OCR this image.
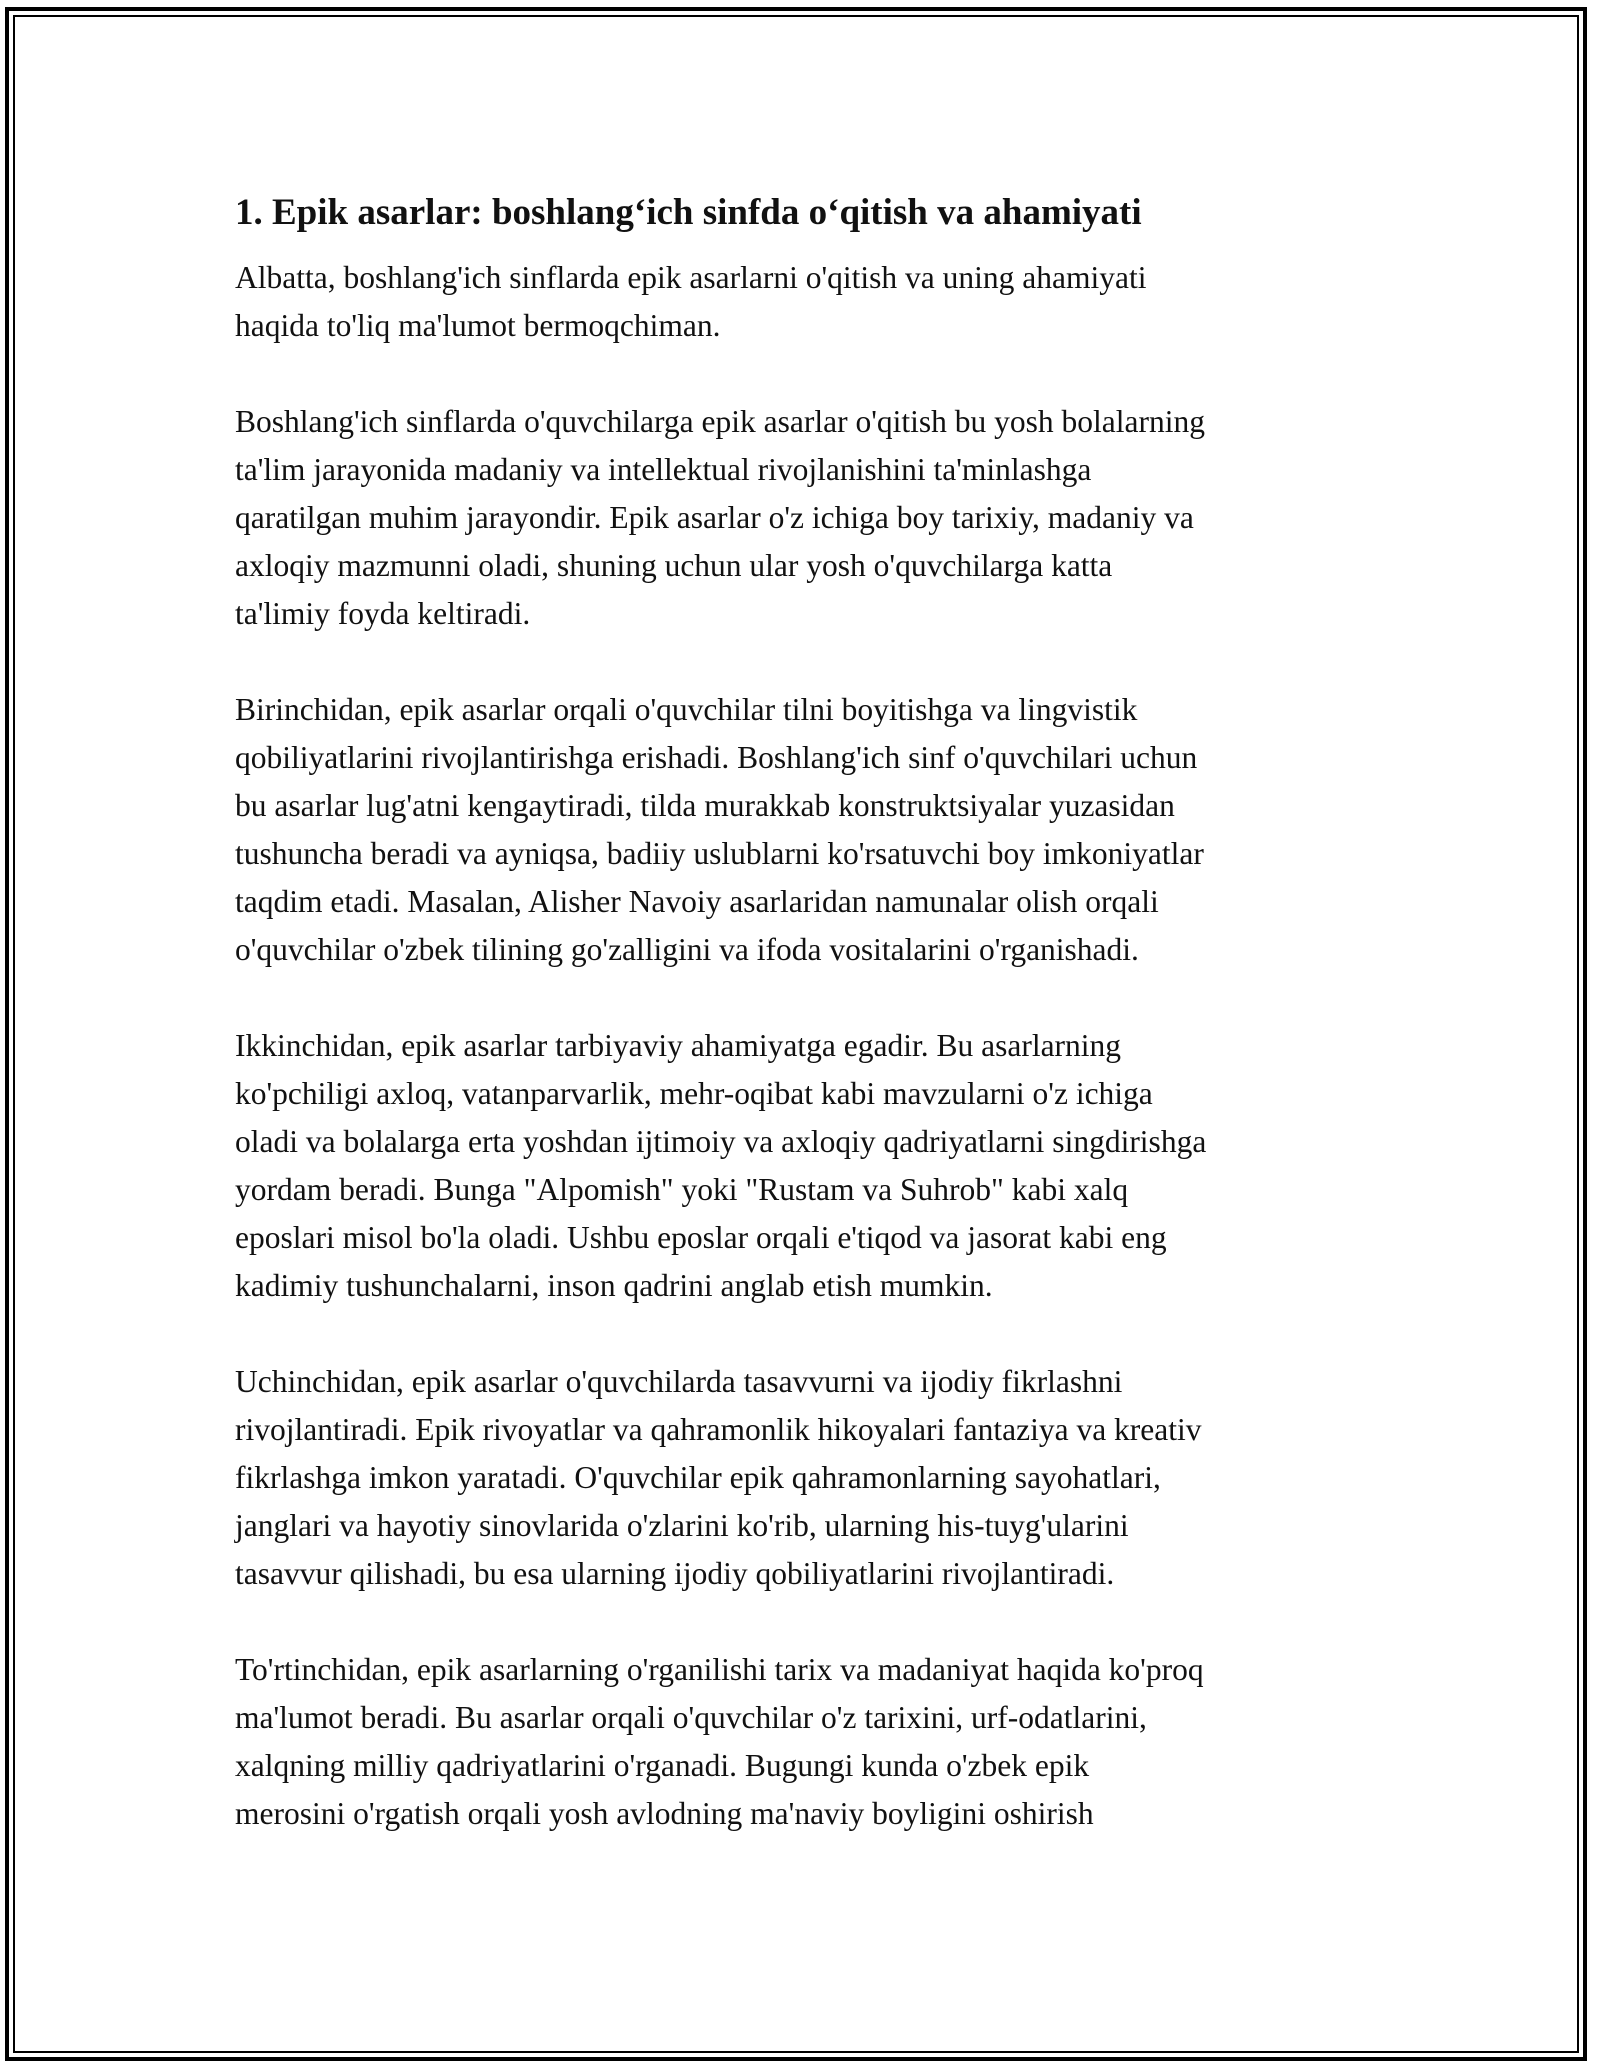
1. Epik asarlar: boshlang‘ich sinfda o‘qitish va ahamiyati

Albatta, boshlang'ich sinflarda epik asarlarni o'qitish va uning ahamiyati
haqida to'liq ma'lumot bermoqchiman.

Boshlang'ich sinflarda o'quvchilarga epik asarlar o'qitish bu yosh bolalarning
ta'lim jarayonida madaniy va intellektual rivojlanishini ta'minlashga
qaratilgan muhim jarayondir. Epik asarlar o'z ichiga boy tarixiy, madaniy va
axloqiy mazmunni oladi, shuning uchun ular yosh o'quvchilarga katta
ta'limiy foyda keltiradi.

Birinchidan, epik asarlar orqali o'quvchilar tilni boyitishga va lingvistik
qobiliyatlarini rivojlantirishga erishadi. Boshlang'ich sinf o'quvchilari uchun
bu asarlar lug'atni kengaytiradi, tilda murakkab konstruktsiyalar yuzasidan
tushuncha beradi va ayniqsa, badiiy uslublarni ko'rsatuvchi boy imkoniyatlar
taqdim etadi. Masalan, Alisher Navoiy asarlaridan namunalar olish orqali
o'quvchilar o'zbek tilining go'zalligini va ifoda vositalarini o'rganishadi.

Ikkinchidan, epik asarlar tarbiyaviy ahamiyatga egadir. Bu asarlarning
ko'pchiligi axloq, vatanparvarlik, mehr-oqibat kabi mavzularni o'z ichiga
oladi va bolalarga erta yoshdan ijtimoiy va axloqiy qadriyatlarni singdirishga
yordam beradi. Bunga "Alpomish" yoki "Rustam va Suhrob" kabi xalq
eposlari misol bo'la oladi. Ushbu eposlar orqali e'tiqod va jasorat kabi eng
kadimiy tushunchalarni, inson qadrini anglab etish mumkin.

Uchinchidan, epik asarlar o'quvchilarda tasavvurni va ijodiy fikrlashni
rivojlantiradi. Epik rivoyatlar va qahramonlik hikoyalari fantaziya va kreativ
fikrlashga imkon yaratadi. O'quvchilar epik qahramonlarning sayohatlari,
janglari va hayotiy sinovlarida o'zlarini ko'rib, ularning his-tuyg'ularini
tasavvur qilishadi, bu esa ularning ijodiy qobiliyatlarini rivojlantiradi.

To'rtinchidan, epik asarlarning o'rganilishi tarix va madaniyat haqida ko'proq
ma'lumot beradi. Bu asarlar orqali o'quvchilar o'z tarixini, urf-odatlarini,
xalqning milliy qadriyatlarini o'rganadi. Bugungi kunda o'zbek epik
merosini o'rgatish orqali yosh avlodning ma'naviy boyligini oshirish
